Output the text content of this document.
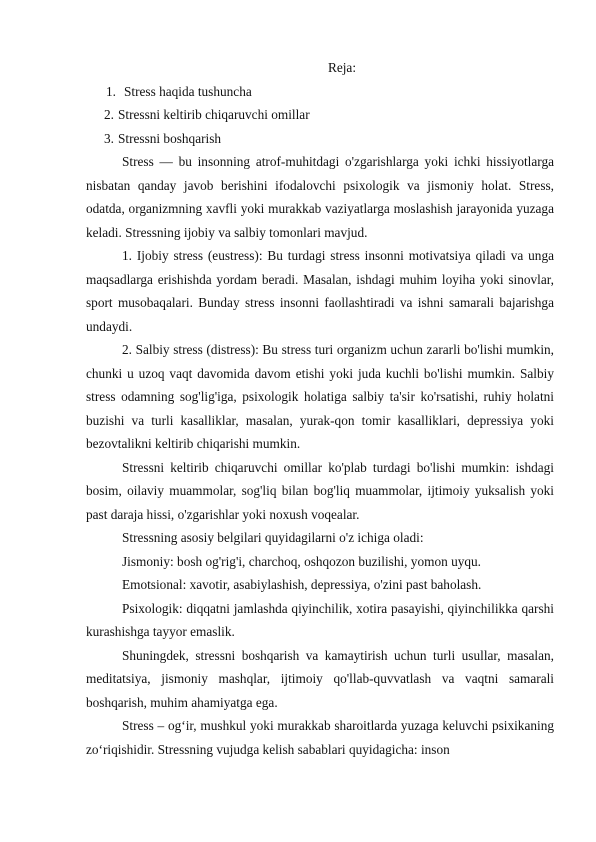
Reja:

1. Stress haqida tushuncha

2. Stressni keltirib chiqaruvchi omillar

3. Stressni boshqarish

Stress — bu insonning atrof-muhitdagi o'zgarishlarga yoki ichki hissiyotlarga nisbatan qanday javob berishini ifodalovchi psixologik va jismoniy holat. Stress, odatda, organizmning xavfli yoki murakkab vaziyatlarga moslashish jarayonida yuzaga keladi. Stressning ijobiy va salbiy tomonlari mavjud.

1. Ijobiy stress (eustress): Bu turdagi stress insonni motivatsiya qiladi va unga maqsadlarga erishishda yordam beradi. Masalan, ishdagi muhim loyiha yoki sinovlar, sport musobaqalari. Bunday stress insonni faollashtiradi va ishni samarali bajarishga undaydi.

2. Salbiy stress (distress): Bu stress turi organizm uchun zararli bo'lishi mumkin, chunki u uzoq vaqt davomida davom etishi yoki juda kuchli bo'lishi mumkin. Salbiy stress odamning sog'lig'iga, psixologik holatiga salbiy ta'sir ko'rsatishi, ruhiy holatni buzishi va turli kasalliklar, masalan, yurak-qon tomir kasalliklari, depressiya yoki bezovtalikni keltirib chiqarishi mumkin.

Stressni keltirib chiqaruvchi omillar ko'plab turdagi bo'lishi mumkin: ishdagi bosim, oilaviy muammolar, sog'liq bilan bog'liq muammolar, ijtimoiy yuksalish yoki past daraja hissi, o'zgarishlar yoki noxush voqealar.

Stressning asosiy belgilari quyidagilarni o'z ichiga oladi:

Jismoniy: bosh og'rig'i, charchoq, oshqozon buzilishi, yomon uyqu.

Emotsional: xavotir, asabiylashish, depressiya, o'zini past baholash.

Psixologik: diqqatni jamlashda qiyinchilik, xotira pasayishi, qiyinchilikka qarshi kurashishga tayyor emaslik.

Shuningdek, stressni boshqarish va kamaytirish uchun turli usullar, masalan, meditatsiya, jismoniy mashqlar, ijtimoiy qo'llab-quvvatlash va vaqtni samarali boshqarish, muhim ahamiyatga ega.

Stress – og‘ir, mushkul yoki murakkab sharoitlarda yuzaga keluvchi psixikaning zo‘riqishidir. Stressning vujudga kelish sabablari quyidagicha: inson
